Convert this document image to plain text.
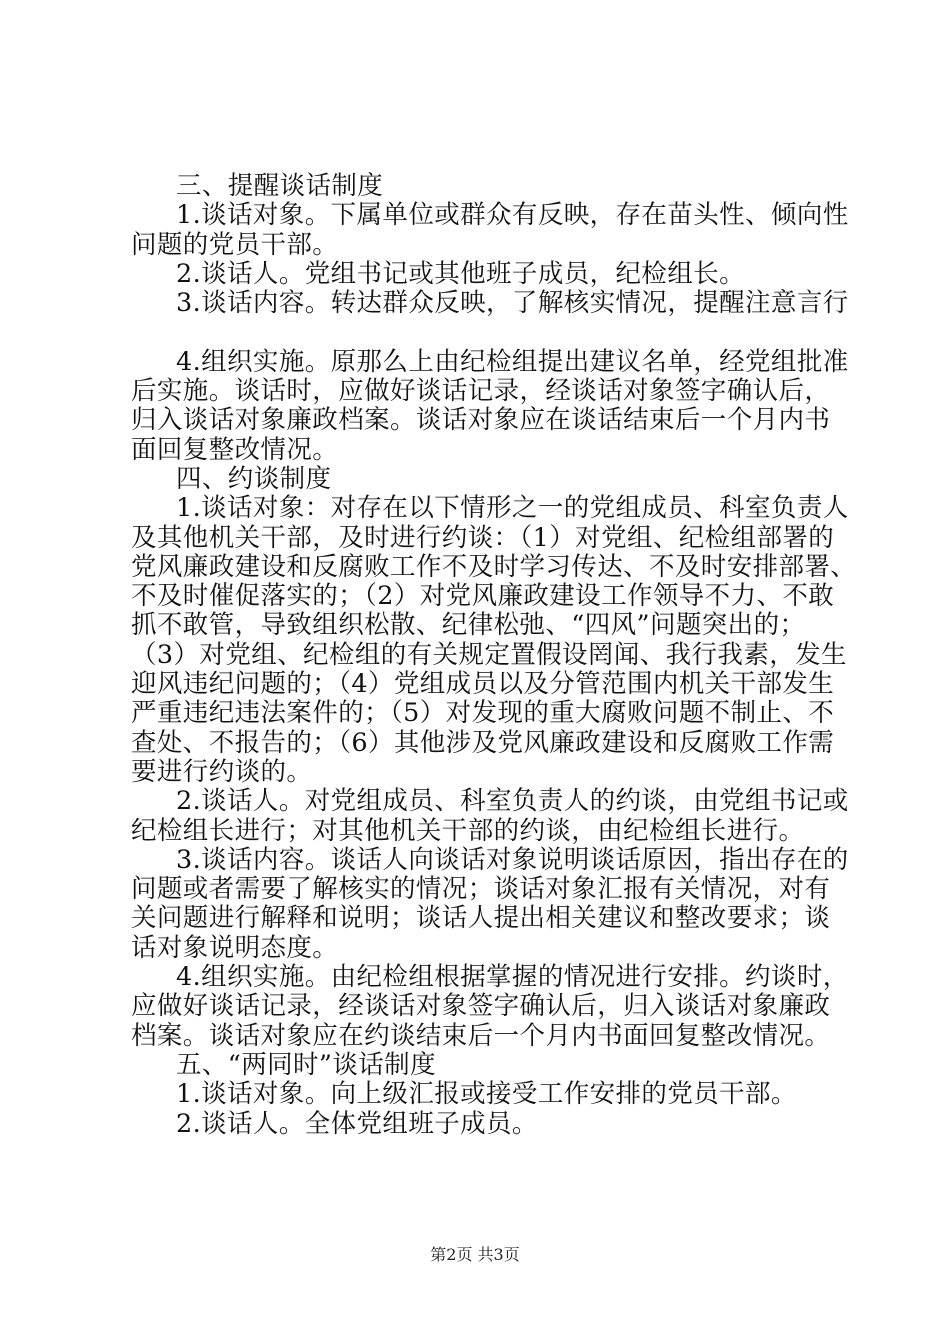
三、提醒谈话制度
1.谈话对象。下属单位或群众有反映，存在苗头性、倾向性
问题的党员干部。
2.谈话人。党组书记或其他班子成员，纪检组长。
3.谈话内容。转达群众反映，了解核实情况，提醒注意言行
4.组织实施。原那么上由纪检组提出建议名单，经党组批准
后实施。谈话时，应做好谈话记录，经谈话对象签字确认后，
归入谈话对象廉政档案。谈话对象应在谈话结束后一个月内书
面回复整改情况。
四、约谈制度
1.谈话对象：对存在以下情形之一的党组成员、科室负责人
及其他机关干部，及时进行约谈：（1）对党组、纪检组部署的
党风廉政建设和反腐败工作不及时学习传达、不及时安排部署、
不及时催促落实的；（2）对党风廉政建设工作领导不力、不敢
抓不敢管，导致组织松散、纪律松弛、“四风”问题突出的；
（3）对党组、纪检组的有关规定置假设罔闻、我行我素，发生
迎风违纪问题的；（4）党组成员以及分管范围内机关干部发生
严重违纪违法案件的；（5）对发现的重大腐败问题不制止、不
查处、不报告的；（6）其他涉及党风廉政建设和反腐败工作需
要进行约谈的。
2.谈话人。对党组成员、科室负责人的约谈，由党组书记或
纪检组长进行；对其他机关干部的约谈，由纪检组长进行。
3.谈话内容。谈话人向谈话对象说明谈话原因，指出存在的
问题或者需要了解核实的情况；谈话对象汇报有关情况，对有
关问题进行解释和说明；谈话人提出相关建议和整改要求；谈
话对象说明态度。
4.组织实施。由纪检组根据掌握的情况进行安排。约谈时，
应做好谈话记录，经谈话对象签字确认后，归入谈话对象廉政
档案。谈话对象应在约谈结束后一个月内书面回复整改情况。
五、“两同时”谈话制度
1.谈话对象。向上级汇报或接受工作安排的党员干部。
2.谈话人。全体党组班子成员。
第2页 共3页
